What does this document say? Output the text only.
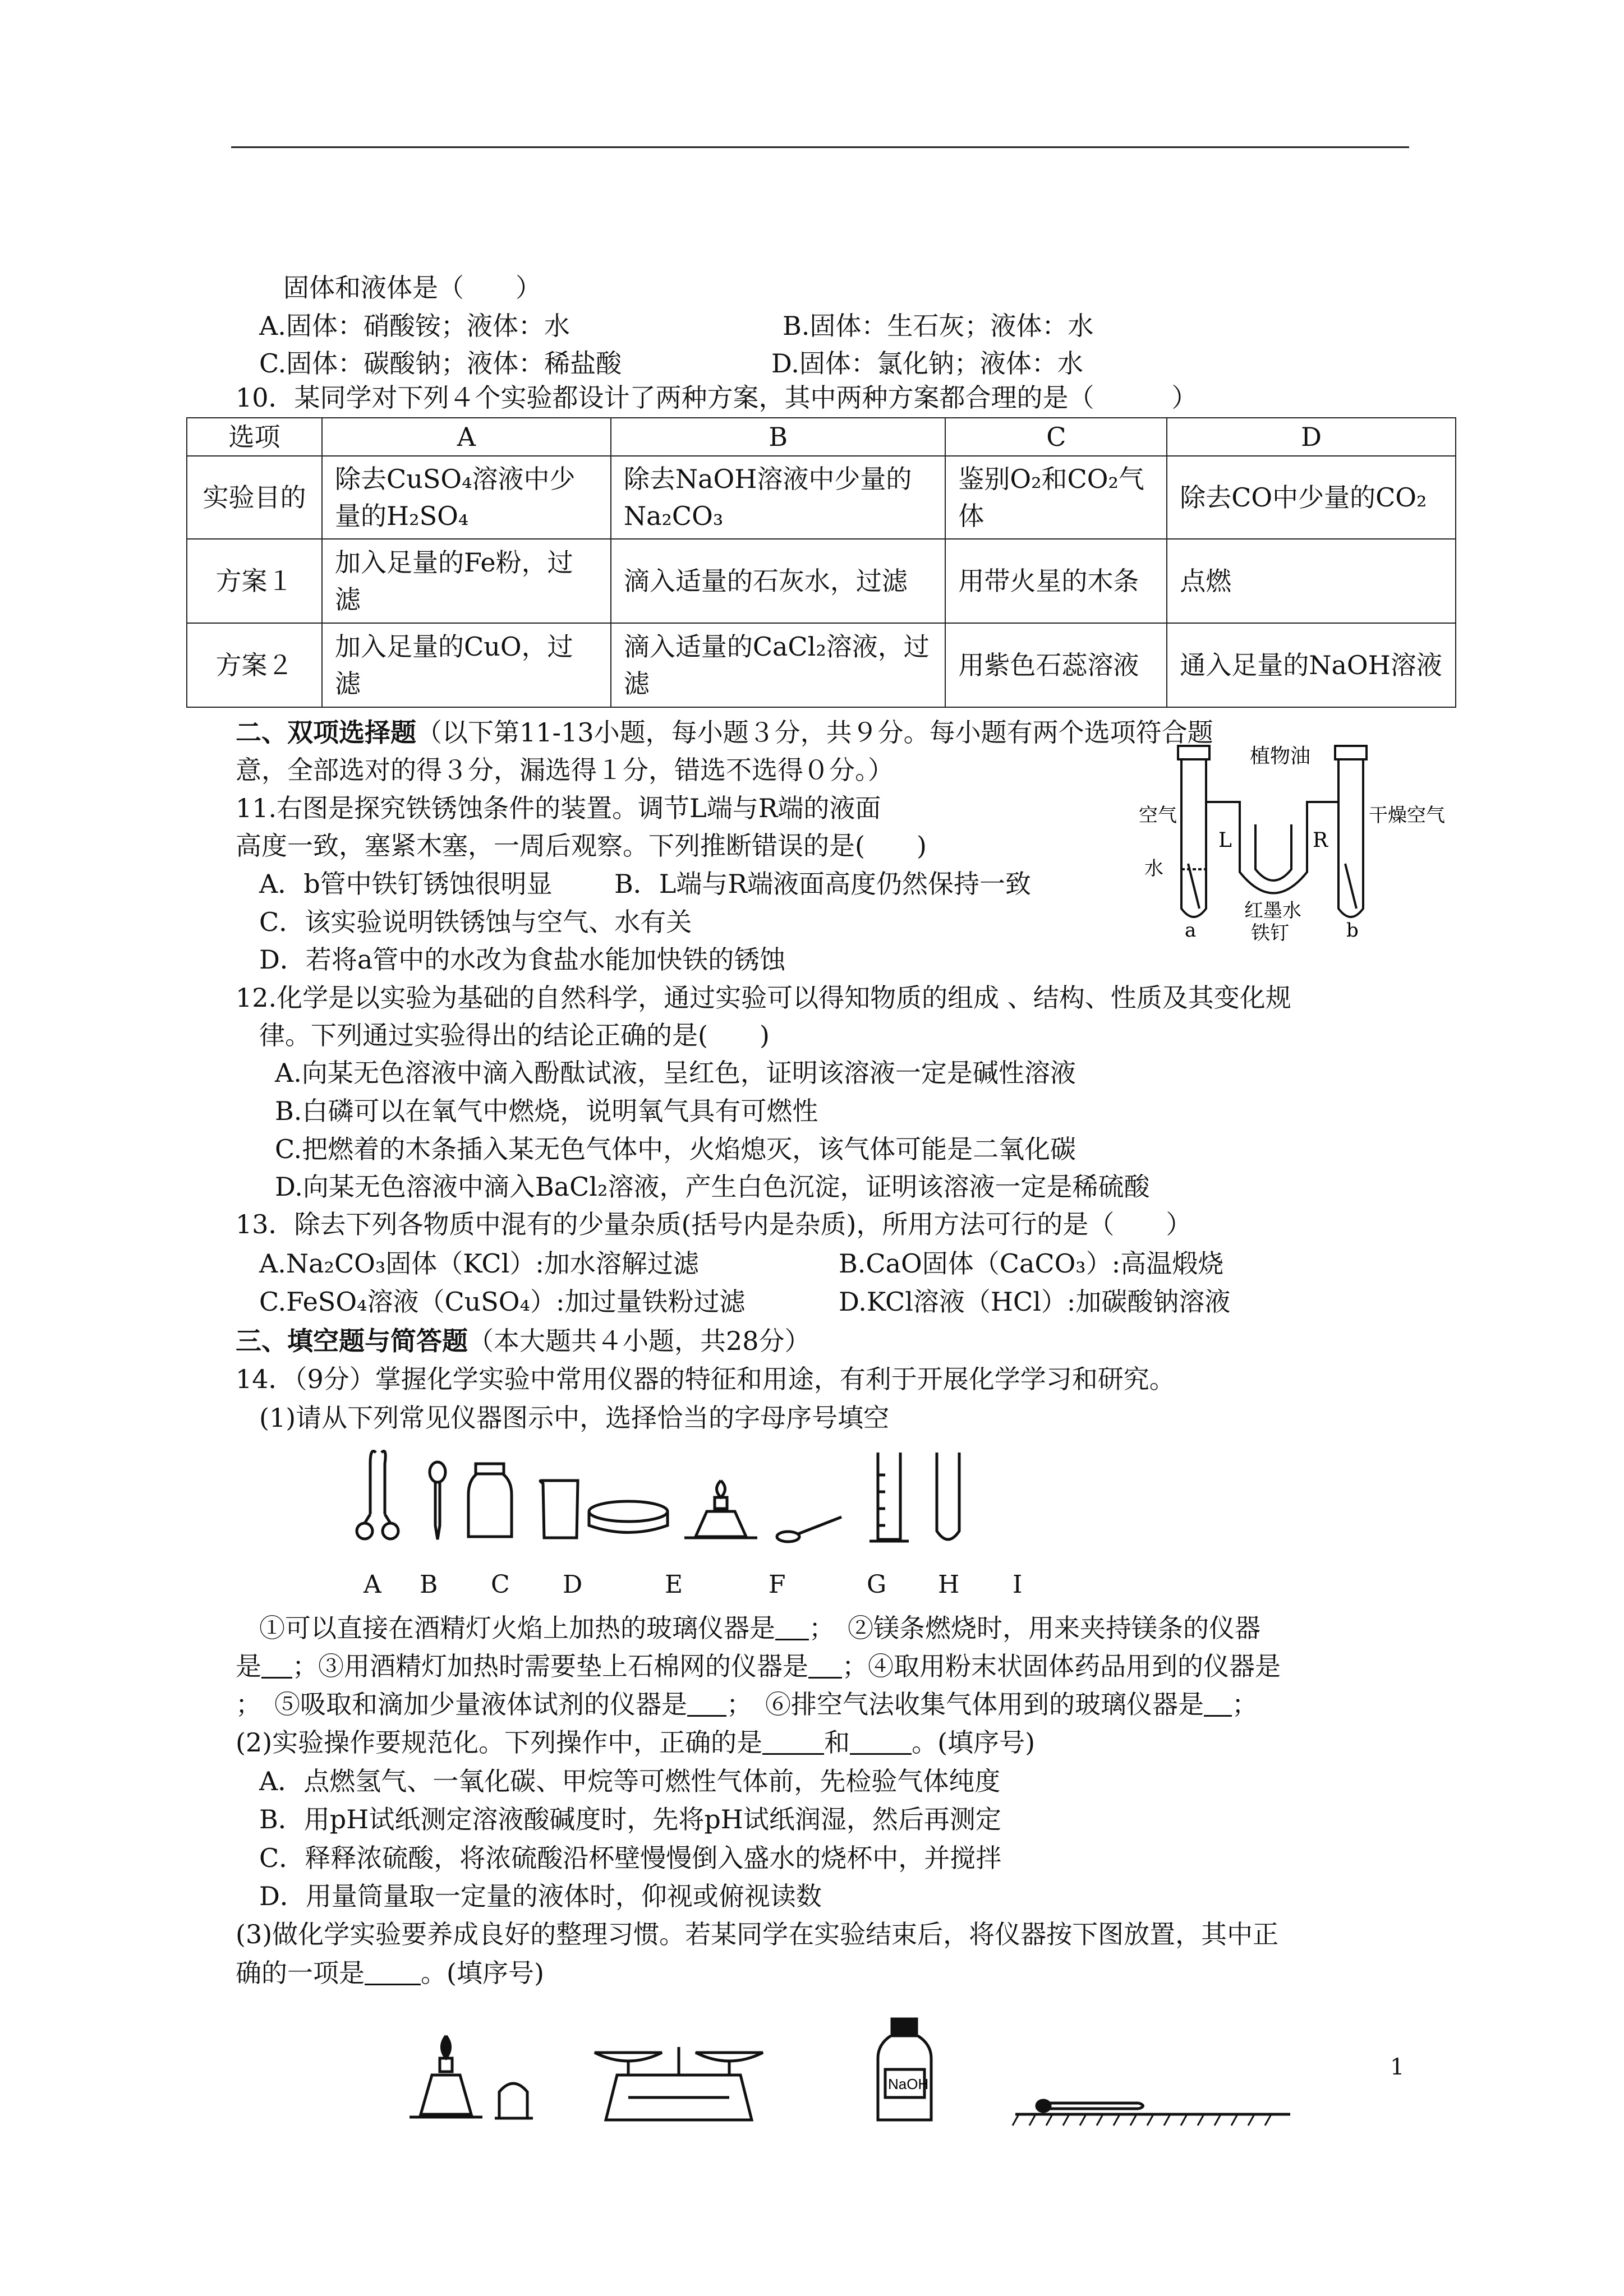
固体和液体是（　　）
A.固体：硝酸铵；液体：水	B.固体：生石灰；液体：水
C.固体：碳酸钠；液体：稀盐酸	D.固体：氯化钠；液体：水
10．某同学对下列４个实验都设计了两种方案，其中两种方案都合理的是（　　　）
选项	A	B	C	D
实验目的	除去CuSO₄溶液中少量的H₂SO₄	除去NaOH溶液中少量的Na₂CO₃	鉴别O₂和CO₂气体	除去CO中少量的CO₂
方案１	加入足量的Fe粉，过滤	滴入适量的石灰水，过滤	用带火星的木条	点燃
方案２	加入足量的CuO，过滤	滴入适量的CaCl₂溶液，过滤	用紫色石蕊溶液	通入足量的NaOH溶液
二、双项选择题（以下第11-13小题，每小题３分，共９分。每小题有两个选项符合题
意，全部选对的得３分，漏选得１分，错选不选得０分。）
11.右图是探究铁锈蚀条件的装置。调节L端与R端的液面
高度一致，塞紧木塞，一周后观察。下列推断错误的是(　　)
A．b管中铁钉锈蚀很明显 B．L端与R端液面高度仍然保持一致
C．该实验说明铁锈蚀与空气、水有关
D．若将a管中的水改为食盐水能加快铁的锈蚀
植物油
空气	干燥空气
水
L	R
红墨水
铁钉
a	b
12.化学是以实验为基础的自然科学，通过实验可以得知物质的组成 、结构、性质及其变化规
律。下列通过实验得出的结论正确的是(　　)
A.向某无色溶液中滴入酚酞试液，呈红色，证明该溶液一定是碱性溶液
B.白磷可以在氧气中燃烧，说明氧气具有可燃性
C.把燃着的木条插入某无色气体中，火焰熄灭，该气体可能是二氧化碳
D.向某无色溶液中滴入BaCl₂溶液，产生白色沉淀，证明该溶液一定是稀硫酸
13．除去下列各物质中混有的少量杂质(括号内是杂质)，所用方法可行的是（　　）
A.Na₂CO₃固体（KCl）:加水溶解过滤	B.CaO固体（CaCO₃）:高温煅烧
C.FeSO₄溶液（CuSO₄）:加过量铁粉过滤	D.KCl溶液（HCl）:加碳酸钠溶液
三、填空题与简答题（本大题共４小题，共28分）
14．（9分）掌握化学实验中常用仪器的特征和用途，有利于开展化学学习和研究。
(1)请从下列常见仪器图示中，选择恰当的字母序号填空
A B C D	E	F	G H I
①可以直接在酒精灯火焰上加热的玻璃仪器是 ；　②镁条燃烧时，用来夹持镁条的仪器
是 ；③用酒精灯加热时需要垫上石棉网的仪器是 ；④取用粉末状固体药品用到的仪器是
；　⑤吸取和滴加少量液体试剂的仪器是 ；　⑥排空气法收集气体用到的玻璃仪器是 ；
(2)实验操作要规范化。下列操作中，正确的是 和 。(填序号)
A．点燃氢气、一氧化碳、甲烷等可燃性气体前，先检验气体纯度
B．用pH试纸测定溶液酸碱度时，先将pH试纸润湿，然后再测定
C．释释浓硫酸，将浓硫酸沿杯壁慢慢倒入盛水的烧杯中，并搅拌
D．用量筒量取一定量的液体时，仰视或俯视读数
(3)做化学实验要养成良好的整理习惯。若某同学在实验结束后，将仪器按下图放置，其中正
确的一项是 。(填序号)
NaOH
1
